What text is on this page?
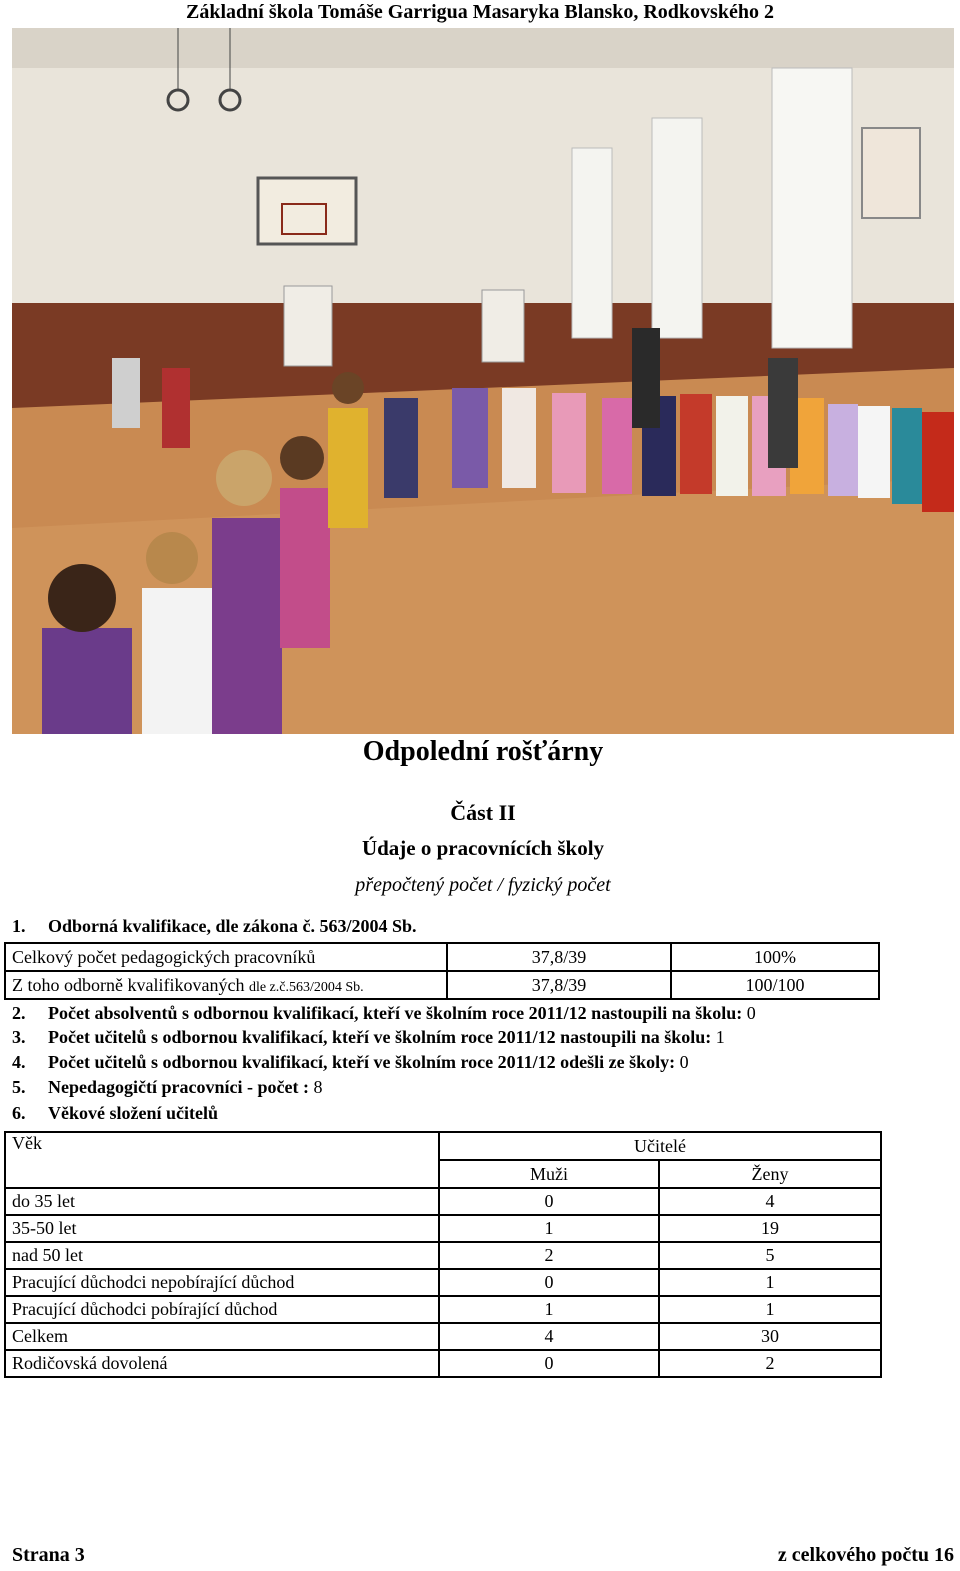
Základní škola Tomáše Garrigua Masaryka Blansko, Rodkovského 2
Odpolední rošťárny
Část II
Údaje o pracovnících školy
přepočtený počet / fyzický počet
1. Odborná kvalifikace, dle zákona č. 563/2004 Sb.
Celkový počet pedagogických pracovníků	37,8/39	100%
Z toho odborně kvalifikovaných dle z.č.563/2004 Sb.	37,8/39	100/100
2. Počet absolventů s odbornou kvalifikací, kteří ve školním roce 2011/12 nastoupili na školu: 0
3. Počet učitelů s odbornou kvalifikací, kteří ve školním roce 2011/12 nastoupili na školu: 1
4. Počet učitelů s odbornou kvalifikací, kteří ve školním roce 2011/12 odešli ze školy: 0
5. Nepedagogičtí pracovníci - počet : 8
6. Věkové složení učitelů
Věk	Učitelé	
	Muži	Ženy
do 35 let	0	4
35-50 let	1	19
nad 50 let	2	5
Pracující důchodci nepobírající důchod	0	1
Pracující důchodci pobírající důchod	1	1
Celkem	4	30
Rodičovská dovolená	0	2
Strana 3	z celkového počtu 16
